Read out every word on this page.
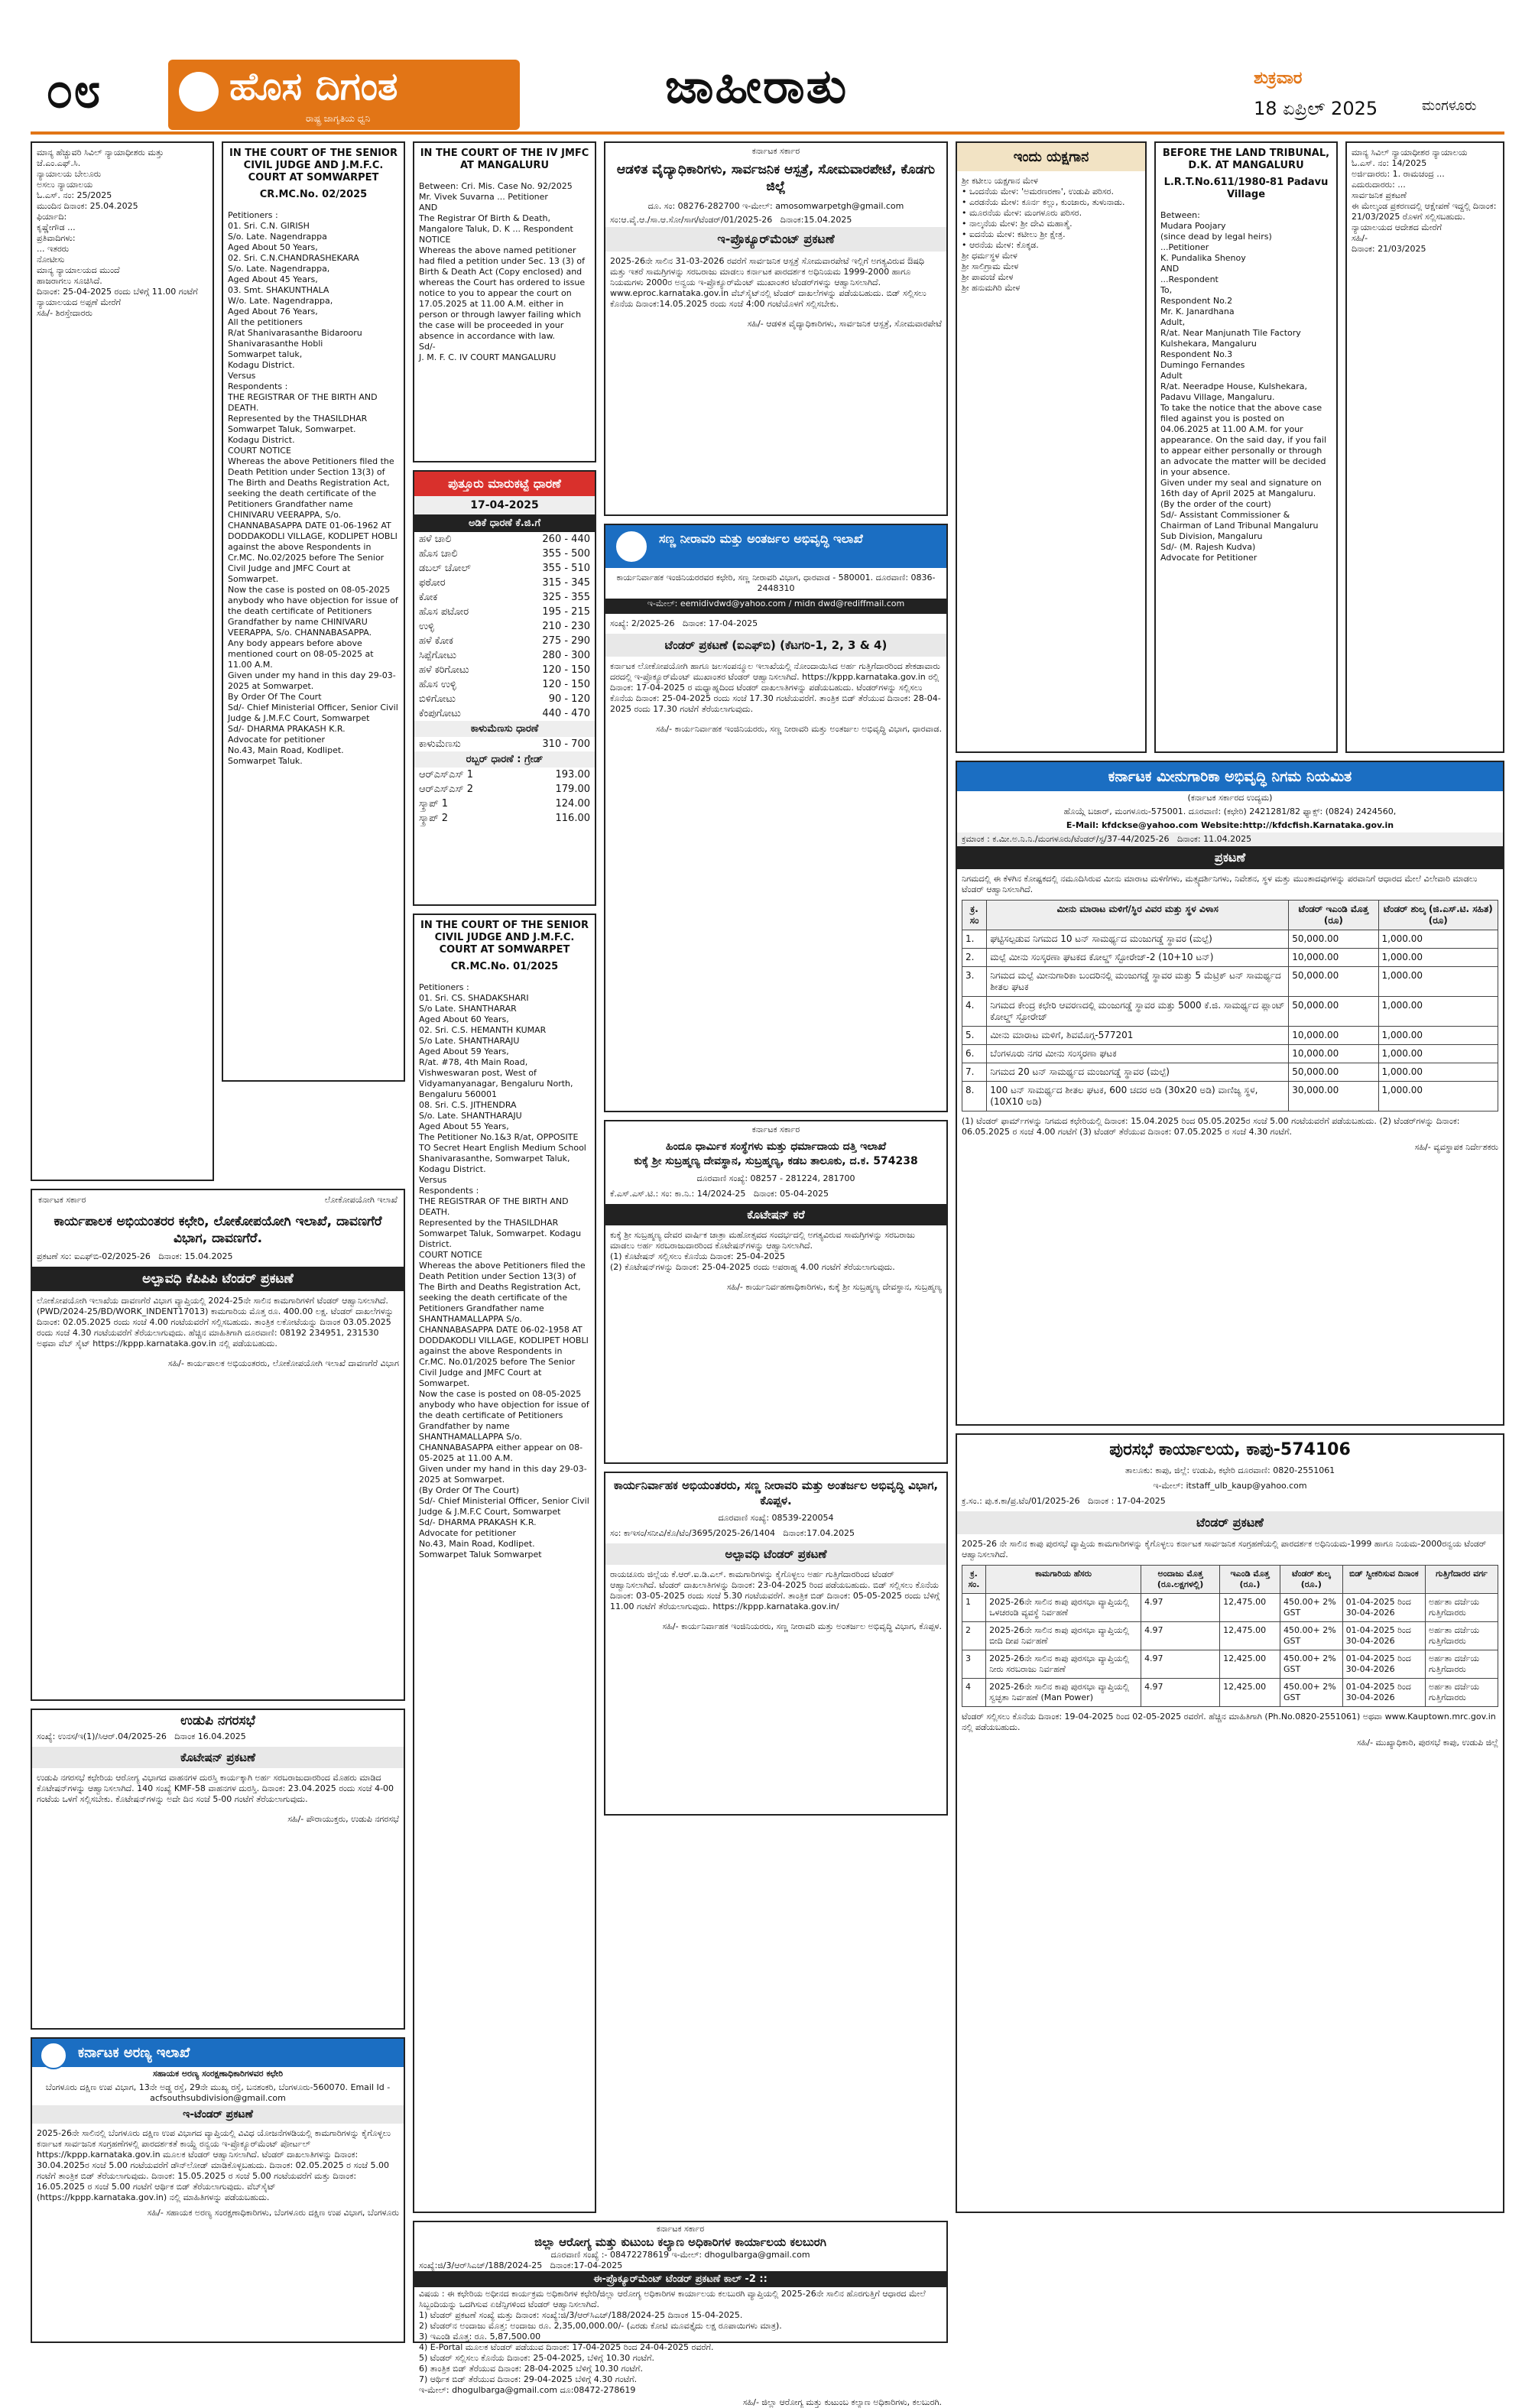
೦೮	ಹೊಸ ದಿಗಂತ
ರಾಷ್ಟ್ರ ಜಾಗೃತಿಯ ಧ್ವನಿ
ಜಾಹೀರಾತು	ಶುಕ್ರವಾರ
18 ಏಪ್ರಿಲ್ 2025	ಮಂಗಳೂರು
ಮಾನ್ಯ ಹೆಚ್ಚುವರಿ ಸಿವಿಲ್ ನ್ಯಾಯಾಧೀಶರು ಮತ್ತು ಜೆ.ಎಂ.ಎಫ್.ಸಿ.
ನ್ಯಾಯಾಲಯ ಬೇಲೂರು
ಅಸಲು ನ್ಯಾಯಾಲಯ
ಓ.ಎಸ್. ನಂ: 25/2025
ಮುಂದಿನ ದಿನಾಂಕ: 25.04.2025
ಫಿರ್ಯಾದಿ:
ಕೃಷ್ಣೇಗೌಡ ...
ಪ್ರತಿವಾದಿಗಳು:
... ಇತರರು
ನೋಟೀಸು
ಮಾನ್ಯ ನ್ಯಾಯಾಲಯದ ಮುಂದೆ
ಹಾಜರಾಗಲು ಸೂಚಿಸಿದೆ.
ದಿನಾಂಕ: 25-04-2025 ರಂದು ಬೆಳಿಗ್ಗೆ 11.00 ಗಂಟೆಗೆ
ನ್ಯಾಯಾಲಯದ ಅಪ್ಪಣೆ ಮೇರೆಗೆ
ಸಹಿ/- ಶಿರಸ್ತೇದಾರರು
IN THE COURT OF THE SENIOR CIVIL JUDGE AND J.M.F.C. COURT AT SOMWARPET
CR.MC.No. 02/2025
Petitioners :
01. Sri. C.N. GIRISH
S/o. Late. Nagendrappa
Aged About 50 Years,
02. Sri. C.N.CHANDRASHEKARA
S/o. Late. Nagendrappa,
Aged About 45 Years,
03. Smt. SHAKUNTHALA
W/o. Late. Nagendrappa,
Aged About 76 Years,
All the petitioners
R/at Shanivarasanthe Bidarooru
Shanivarasanthe Hobli
Somwarpet taluk,
Kodagu District.
Versus
Respondents :
THE REGISTRAR OF THE BIRTH AND DEATH.
Represented by the THASILDHAR
Somwarpet Taluk, Somwarpet.
Kodagu District.
COURT NOTICE
Whereas the above Petitioners filed the Death Petition under Section 13(3) of The Birth and Deaths Registration Act, seeking the death certificate of the Petitioners Grandfather name CHINIVARU VEERAPPA, S/o. CHANNABASAPPA DATE 01-06-1962 AT DODDAKODLI VILLAGE, KODLIPET HOBLI against the above Respondents in Cr.MC. No.02/2025 before The Senior Civil Judge and JMFC Court at Somwarpet.
Now the case is posted on 08-05-2025 anybody who have objection for issue of the death certificate of Petitioners Grandfather by name CHINIVARU VEERAPPA, S/o. CHANNABASAPPA.
Any body appears before above mentioned court on 08-05-2025 at 11.00 A.M.
Given under my hand in this day 29-03-2025 at Somwarpet.
By Order Of The Court
Sd/- Chief Ministerial Officer, Senior Civil Judge & J.M.F.C Court, Somwarpet
Sd/- DHARMA PRAKASH K.R.
Advocate for petitioner
No.43, Main Road, Kodlipet.
Somwarpet Taluk.
IN THE COURT OF THE IV JMFC AT MANGALURU
Between: Cri. Mis. Case No. 92/2025
Mr. Vivek Suvarna ... Petitioner
AND
The Registrar Of Birth & Death, Mangalore Taluk, D. K ... Respondent
NOTICE
Whereas the above named petitioner had filed a petition under Sec. 13 (3) of Birth & Death Act (Copy enclosed) and whereas the Court has ordered to issue notice to you to appear the court on 17.05.2025 at 11.00 A.M. either in person or through lawyer failing which the case will be proceeded in your absence in accordance with law.
Sd/-
J. M. F. C. IV COURT MANGALURU
ಪುತ್ತೂರು ಮಾರುಕಟ್ಟೆ ಧಾರಣೆ
17-04-2025
ಅಡಿಕೆ ಧಾರಣೆ ಕೆ.ಜಿ.ಗೆ
ಹಳೆ ಚಾಲಿ	260 - 440
ಹೊಸ ಚಾಲಿ	355 - 500
ಡಬಲ್ ಚೋಲ್	355 - 510
ಫಠೋರ	315 - 345
ಕೋಕ	325 - 355
ಹೊಸ ಪಟೋರ	195 - 215
ಉಳ್ಳಿ	210 - 230
ಹಳೆ ಕೋಕ	275 - 290
ಸಿಪ್ಪೆಗೋಟು	280 - 300
ಹಳೆ ಕರಿಗೋಟು	120 - 150
ಹೊಸ ಉಳ್ಳಿ	120 - 150
ಬಿಳಿಗೋಟು	90 - 120
ಕೆಂಪುಗೋಟು	440 - 470
ಕಾಳುಮೆಣಸು ಧಾರಣೆ
ಕಾಳುಮೆಣಸು	310 - 700
ರಬ್ಬರ್ ಧಾರಣೆ : ಗ್ರೇಡ್
ಆರ್‌ಎಸ್‌ಎಸ್ 1	193.00
ಆರ್‌ಎಸ್‌ಎಸ್ 2	179.00
ಸ್ಕ್ರಾಪ್ 1	124.00
ಸ್ಕ್ರಾಪ್ 2	116.00
IN THE COURT OF THE SENIOR CIVIL JUDGE AND J.M.F.C. COURT AT SOMWARPET
CR.MC.No. 01/2025
Petitioners :
01. Sri. CS. SHADAKSHARI
S/o Late. SHANTHARAR
Aged About 60 Years,
02. Sri. C.S. HEMANTH KUMAR
S/o Late. SHANTHARAJU
Aged About 59 Years,
R/at. #78, 4th Main Road, Vishweswaran post, West of Vidyamanyanagar, Bengaluru North, Bengaluru 560001
08. Sri. C.S. JITHENDRA
S/o. Late. SHANTHARAJU
Aged About 55 Years,
The Petitioner No.1&3 R/at, OPPOSITE TO Secret Heart English Medium School Shanivarasanthe, Somwarpet Taluk, Kodagu District.
Versus
Respondents :
THE REGISTRAR OF THE BIRTH AND DEATH.
Represented by the THASILDHAR
Somwarpet Taluk, Somwarpet. Kodagu District.
COURT NOTICE
Whereas the above Petitioners filed the Death Petition under Section 13(3) of The Birth and Deaths Registration Act, seeking the death certificate of the Petitioners Grandfather name SHANTHAMALLAPPA S/o. CHANNABASAPPA DATE 06-02-1958 AT DODDAKODLI VILLAGE, KODLIPET HOBLI against the above Respondents in Cr.MC. No.01/2025 before The Senior Civil Judge and JMFC Court at Somwarpet.
Now the case is posted on 08-05-2025 anybody who have objection for issue of the death certificate of Petitioners Grandfather by name SHANTHAMALLAPPA S/o. CHANNABASAPPA either appear on 08-05-2025 at 11.00 A.M.
Given under my hand in this day 29-03-2025 at Somwarpet.
(By Order Of The Court)
Sd/- Chief Ministerial Officer, Senior Civil Judge & J.M.F.C Court, Somwarpet
Sd/- DHARMA PRAKASH K.R.
Advocate for petitioner
No.43, Main Road, Kodlipet.
Somwarpet Taluk Somwarpet
ಕರ್ನಾಟಕ ಸರ್ಕಾರ
ಆಡಳಿತ ವೈದ್ಯಾಧಿಕಾರಿಗಳು, ಸಾರ್ವಜನಿಕ ಆಸ್ಪತ್ರೆ, ಸೋಮವಾರಪೇಟೆ, ಕೊಡಗು ಜಿಲ್ಲೆ
ದೂ. ಸಂ: 08276-282700 ಇ-ಮೇಲ್: amosomwarpetgh@gmail.com
ಸಂ:ಆ.ವೈ.ಆ./ಸಾ.ಆ.ಸೋ/ಸಾಗ/ಟೆಂಡರ್/01/2025-26   ದಿನಾಂಕ:15.04.2025
ಇ-ಪ್ರೊಕ್ಯೂರ್‌ಮೆಂಟ್ ಪ್ರಕಟಣೆ
2025-26ನೇ ಸಾಲಿನ 31-03-2026 ರವರೆಗೆ ಸಾರ್ವಜನಿಕ ಆಸ್ಪತ್ರೆ ಸೋಮವಾರಪೇಟೆ ಇಲ್ಲಿಗೆ ಅಗತ್ಯವಿರುವ ಔಷಧಿ ಮತ್ತು ಇತರೆ ಸಾಮಗ್ರಿಗಳನ್ನು ಸರಬರಾಜು ಮಾಡಲು ಕರ್ನಾಟಕ ಪಾರದರ್ಶಕ ಅಧಿನಿಯಮ 1999-2000 ಹಾಗೂ ನಿಯಮಗಳು 2000ರ ಅನ್ವಯ ಇ-ಪ್ರೊಕ್ಯೂರ್‌ಮೆಂಟ್ ಮುಖಾಂತರ ಟೆಂಡರ್‌ಗಳನ್ನು ಆಹ್ವಾನಿಸಲಾಗಿದೆ. www.eproc.karnataka.gov.in ವೆಬ್‌ಸೈಟ್‌ನಲ್ಲಿ ಟೆಂಡರ್ ದಾಖಲೆಗಳನ್ನು ಪಡೆಯಬಹುದು. ಬಿಡ್ ಸಲ್ಲಿಸಲು ಕೊನೆಯ ದಿನಾಂಕ:14.05.2025 ರಂದು ಸಂಜೆ 4:00 ಗಂಟೆಯೊಳಗೆ ಸಲ್ಲಿಸಬೇಕು.
ಸಹಿ/- ಆಡಳಿತ ವೈದ್ಯಾಧಿಕಾರಿಗಳು, ಸಾರ್ವಜನಿಕ ಆಸ್ಪತ್ರೆ, ಸೋಮವಾರಪೇಟೆ
ಸಣ್ಣ ನೀರಾವರಿ ಮತ್ತು ಅಂತರ್ಜಲ ಅಭಿವೃದ್ಧಿ ಇಲಾಖೆ
ಕಾರ್ಯನಿರ್ವಾಹಕ ಇಂಜಿನಿಯರರವರ ಕಛೇರಿ, ಸಣ್ಣ ನೀರಾವರಿ ವಿಭಾಗ, ಧಾರವಾಡ - 580001. ದೂರವಾಣಿ: 0836-2448310
ಇ-ಮೇಲ್: eemidivdwd@yahoo.com / midn dwd@rediffmail.com
ಸಂಖ್ಯೆ: 2/2025-26   ದಿನಾಂಕ: 17-04-2025
ಟೆಂಡರ್ ಪ್ರಕಟಣೆ (ಐಎಫ್‌ಬಿ) (ಕೆಟಗರಿ-1, 2, 3 & 4)
ಕರ್ನಾಟಕ ಲೋಕೋಪಯೋಗಿ ಹಾಗೂ ಜಲಸಂಪನ್ಮೂಲ ಇಲಾಖೆಯಲ್ಲಿ ನೋಂದಾಯಿಸಿದ ಅರ್ಹ ಗುತ್ತಿಗೆದಾರರಿಂದ ಶೇಕಡಾವಾರು ದರದಲ್ಲಿ ಇ-ಪ್ರೊಕ್ಯೂರ್‌ಮೆಂಟ್ ಮುಖಾಂತರ ಟೆಂಡರ್ ಆಹ್ವಾನಿಸಲಾಗಿದೆ. https://kppp.karnataka.gov.in ರಲ್ಲಿ ದಿನಾಂಕ: 17-04-2025 ರ ಮಧ್ಯಾಹ್ನದಿಂದ ಟೆಂಡರ್ ದಾಖಲಾತಿಗಳನ್ನು ಪಡೆಯಬಹುದು. ಟೆಂಡರ್‌ಗಳನ್ನು ಸಲ್ಲಿಸಲು ಕೊನೆಯ ದಿನಾಂಕ: 25-04-2025 ರಂದು ಸಂಜೆ 17.30 ಗಂಟೆಯವರೆಗೆ. ತಾಂತ್ರಿಕ ಬಿಡ್ ತೆರೆಯುವ ದಿನಾಂಕ: 28-04-2025 ರಂದು 17.30 ಗಂಟೆಗೆ ತೆರೆಯಲಾಗುವುದು.
ಸಹಿ/- ಕಾರ್ಯನಿರ್ವಾಹಕ ಇಂಜಿನಿಯರರು, ಸಣ್ಣ ನೀರಾವರಿ ಮತ್ತು ಅಂತರ್ಜಲ ಅಭಿವೃದ್ಧಿ ವಿಭಾಗ, ಧಾರವಾಡ.
ಕರ್ನಾಟಕ ಸರ್ಕಾರ
ಹಿಂದೂ ಧಾರ್ಮಿಕ ಸಂಸ್ಥೆಗಳು ಮತ್ತು ಧರ್ಮಾದಾಯ ದತ್ತಿ ಇಲಾಖೆ
ಕುಕ್ಕೆ ಶ್ರೀ ಸುಬ್ರಹ್ಮಣ್ಯ ದೇವಸ್ಥಾನ, ಸುಬ್ರಹ್ಮಣ್ಯ, ಕಡಬ ತಾಲೂಕು, ದ.ಕ. 574238
ದೂರವಾಣಿ ಸಂಖ್ಯೆ: 08257 - 281224, 281700
ಕೆ.ಎಸ್.ಎಸ್.ಟಿ.: ಸಂ: ಕಾ.ನಿ.: 14/2024-25   ದಿನಾಂಕ: 05-04-2025
ಕೊಟೇಷನ್ ಕರೆ
ಕುಕ್ಕೆ ಶ್ರೀ ಸುಬ್ರಹ್ಮಣ್ಯ ದೇವರ ವಾರ್ಷಿಕ ಜಾತ್ರಾ ಮಹೋತ್ಸವದ ಸಂದರ್ಭದಲ್ಲಿ ಅಗತ್ಯವಿರುವ ಸಾಮಗ್ರಿಗಳನ್ನು ಸರಬರಾಜು ಮಾಡಲು ಅರ್ಹ ಸರಬರಾಜುದಾರರಿಂದ ಕೊಟೇಷನ್‌ಗಳನ್ನು ಆಹ್ವಾನಿಸಲಾಗಿದೆ.
(1) ಕೊಟೇಷನ್‌ ಸಲ್ಲಿಸಲು ಕೊನೆಯ ದಿನಾಂಕ: 25-04-2025
(2) ಕೊಟೇಷನ್‌ಗಳನ್ನು ದಿನಾಂಕ: 25-04-2025 ರಂದು ಅಪರಾಹ್ನ 4.00 ಗಂಟೆಗೆ ತೆರೆಯಲಾಗುವುದು.
ಸಹಿ/- ಕಾರ್ಯನಿರ್ವಹಣಾಧಿಕಾರಿಗಳು, ಕುಕ್ಕೆ ಶ್ರೀ ಸುಬ್ರಹ್ಮಣ್ಯ ದೇವಸ್ಥಾನ, ಸುಬ್ರಹ್ಮಣ್ಯ
ಕಾರ್ಯನಿರ್ವಾಹಕ ಅಭಿಯಂತರರು, ಸಣ್ಣ ನೀರಾವರಿ ಮತ್ತು ಅಂತರ್ಜಲ ಅಭಿವೃದ್ಧಿ ವಿಭಾಗ, ಕೊಪ್ಪಳ.
ದೂರವಾಣಿ ಸಂಖ್ಯೆ: 08539-220054
ಸಂ: ಕಾಇಸಂ/ಸನೀವಿ/ಕೊ/ಟೆಂ/3695/2025-26/1404   ದಿನಾಂಕ:17.04.2025
ಅಲ್ಪಾವಧಿ ಟೆಂಡರ್ ಪ್ರಕಟಣೆ
ರಾಯಚೂರು ಜಿಲ್ಲೆಯ ಕೆ.ಆರ್.ಐ.ಡಿ.ಎಲ್. ಕಾಮಗಾರಿಗಳನ್ನು ಕೈಗೊಳ್ಳಲು ಅರ್ಹ ಗುತ್ತಿಗೆದಾರರಿಂದ ಟೆಂಡರ್ ಆಹ್ವಾನಿಸಲಾಗಿದೆ. ಟೆಂಡರ್ ದಾಖಲಾತಿಗಳನ್ನು ದಿನಾಂಕ: 23-04-2025 ರಿಂದ ಪಡೆಯಬಹುದು. ಬಿಡ್ ಸಲ್ಲಿಸಲು ಕೊನೆಯ ದಿನಾಂಕ: 03-05-2025 ರಂದು ಸಂಜೆ 5.30 ಗಂಟೆಯವರೆಗೆ. ತಾಂತ್ರಿಕ ಬಿಡ್ ದಿನಾಂಕ: 05-05-2025 ರಂದು ಬೆಳಿಗ್ಗೆ 11.00 ಗಂಟೆಗೆ ತೆರೆಯಲಾಗುವುದು. https://kppp.karnataka.gov.in/
ಸಹಿ/- ಕಾರ್ಯನಿರ್ವಾಹಕ ಇಂಜಿನಿಯರರು, ಸಣ್ಣ ನೀರಾವರಿ ಮತ್ತು ಅಂತರ್ಜಲ ಅಭಿವೃದ್ಧಿ ವಿಭಾಗ, ಕೊಪ್ಪಳ.
ಇಂದು ಯಕ್ಷಗಾನ
ಶ್ರೀ ಕಟೀಲು ಯಕ್ಷಗಾನ ಮೇಳ
• ಒಂದನೆಯ ಮೇಳ: 'ಅಮರಣರಣಾ', ಉಡುಪಿ ಪರಿಸರ.
• ಎರಡನೆಯ ಮೇಳ: ಕೂರ್ನ ಕಲ್ಲು, ಕುಂಜಾರು, ತುಳುನಾಡು.
• ಮೂರನೆಯ ಮೇಳ: ಮಂಗಳೂರು ಪರಿಸರ.
• ನಾಲ್ಕನೆಯ ಮೇಳ: ಶ್ರೀ ದೇವಿ ಮಹಾತ್ಮೆ.
• ಐದನೆಯ ಮೇಳ: ಕಟೀಲು ಶ್ರೀ ಕ್ಷೇತ್ರ.
• ಆರನೆಯ ಮೇಳ: ಕೊಕ್ಕಡ.
ಶ್ರೀ ಧರ್ಮಸ್ಥಳ ಮೇಳ
ಶ್ರೀ ಸಾಲಿಗ್ರಾಮ ಮೇಳ
ಶ್ರೀ ಪಾವಂಜೆ ಮೇಳ
ಶ್ರೀ ಹನುಮಗಿರಿ ಮೇಳ
BEFORE THE LAND TRIBUNAL, D.K. AT MANGALURU
L.R.T.No.611/1980-81 Padavu Village
Between:
Mudara Poojary
(since dead by legal heirs)
...Petitioner
K. Pundalika Shenoy
AND
...Respondent
To,
Respondent No.2
Mr. K. Janardhana
Adult,
R/at. Near Manjunath Tile Factory Kulshekara, Mangaluru
Respondent No.3
Dumingo Fernandes
Adult
R/at. Neeradpe House, Kulshekara, Padavu Village, Mangaluru.
To take the notice that the above case filed against you is posted on 04.06.2025 at 11.00 A.M. for your appearance. On the said day, if you fail to appear either personally or through an advocate the matter will be decided in your absence.
Given under my seal and signature on 16th day of April 2025 at Mangaluru.
(By the order of the court)
Sd/- Assistant Commissioner & Chairman of Land Tribunal Mangaluru Sub Division, Mangaluru
Sd/- (M. Rajesh Kudva)
Advocate for Petitioner
ಮಾನ್ಯ ಸಿವಿಲ್ ನ್ಯಾಯಾಧೀಶರ ನ್ಯಾಯಾಲಯ
ಓ.ಎಸ್. ನಂ: 14/2025
ಅರ್ಜಿದಾರರು: 1. ರಾಮಚಂದ್ರ ...
ಎದುರುದಾರರು: ...
ಸಾರ್ವಜನಿಕ ಪ್ರಕಟಣೆ
ಈ ಮೇಲ್ಕಂಡ ಪ್ರಕರಣದಲ್ಲಿ ಆಕ್ಷೇಪಣೆ ಇದ್ದಲ್ಲಿ ದಿನಾಂಕ: 21/03/2025 ರೊಳಗೆ ಸಲ್ಲಿಸಬಹುದು.
ನ್ಯಾಯಾಲಯದ ಆದೇಶದ ಮೇರೆಗೆ
ಸಹಿ/-
ದಿನಾಂಕ: 21/03/2025
ಕರ್ನಾಟಕ ಸರ್ಕಾರ	ಲೋಕೋಪಯೋಗಿ ಇಲಾಖೆ
ಕಾರ್ಯಪಾಲಕ ಅಭಿಯಂತರರ ಕಛೇರಿ, ಲೋಕೋಪಯೋಗಿ ಇಲಾಖೆ, ದಾವಣಗೆರೆ ವಿಭಾಗ, ದಾವಣಗೆರೆ.
ಪ್ರಕಟಣೆ ಸಂ: ಐಎಫ್‌ಬಿ-02/2025-26   ದಿನಾಂಕ: 15.04.2025
ಅಲ್ಪಾವಧಿ ಕೆಪಿಪಿಪಿ ಟೆಂಡರ್ ಪ್ರಕಟಣೆ
ಲೋಕೋಪಯೋಗಿ ಇಲಾಖೆಯ ದಾವಣಗೆರೆ ವಿಭಾಗ ವ್ಯಾಪ್ತಿಯಲ್ಲಿ 2024-25ನೇ ಸಾಲಿನ ಕಾಮಗಾರಿಗಳಿಗೆ ಟೆಂಡರ್ ಆಹ್ವಾನಿಸಲಾಗಿದೆ. (PWD/2024-25/BD/WORK_INDENT17013) ಕಾಮಗಾರಿಯ ಮೊತ್ತ ರೂ. 400.00 ಲಕ್ಷ. ಟೆಂಡರ್ ದಾಖಲೆಗಳನ್ನು ದಿನಾಂಕ: 02.05.2025 ರಂದು ಸಂಜೆ 4.00 ಗಂಟೆಯವರೆಗೆ ಸಲ್ಲಿಸಬಹುದು. ತಾಂತ್ರಿಕ ಲಕೋಟೆಯನ್ನು ದಿನಾಂಕ 03.05.2025 ರಂದು ಸಂಜೆ 4.30 ಗಂಟೆಯವರೆಗೆ ತೆರೆಯಲಾಗುವುದು. ಹೆಚ್ಚಿನ ಮಾಹಿತಿಗಾಗಿ ದೂರವಾಣಿ: 08192 234951, 231530 ಅಥವಾ ವೆಬ್ ಸೈಟ್ https://kppp.karnataka.gov.in ನಲ್ಲಿ ಪಡೆಯಬಹುದು.
ಸಹಿ/- ಕಾರ್ಯಪಾಲಕ ಅಭಿಯಂತರರು, ಲೋಕೋಪಯೋಗಿ ಇಲಾಖೆ ದಾವಣಗೆರೆ ವಿಭಾಗ
ಉಡುಪಿ ನಗರಸಭೆ
ಸಂಖ್ಯೆ: ಉನಸ/ಇ(1)/ಸಿಆರ್.04/2025-26   ದಿನಾಂಕ 16.04.2025
ಕೊಟೇಷನ್ ಪ್ರಕಟಣೆ
ಉಡುಪಿ ನಗರಸಭೆ ಕಛೇರಿಯ ಆರೋಗ್ಯ ವಿಭಾಗದ ವಾಹನಗಳ ದುರಸ್ತಿ ಕಾರ್ಯಕ್ಕಾಗಿ ಅರ್ಹ ಸರಬರಾಜುದಾರರಿಂದ ಮೊಹರು ಮಾಡಿದ ಕೊಟೇಷನ್‌ಗಳನ್ನು ಆಹ್ವಾನಿಸಲಾಗಿದೆ. 140 ಸಂಖ್ಯೆ KMF-58 ವಾಹನಗಳ ದುರಸ್ತಿ. ದಿನಾಂಕ: 23.04.2025 ರಂದು ಸಂಜೆ 4-00 ಗಂಟೆಯ ಒಳಗೆ ಸಲ್ಲಿಸಬೇಕು. ಕೊಟೇಷನ್‌ಗಳನ್ನು ಅದೇ ದಿನ ಸಂಜೆ 5-00 ಗಂಟೆಗೆ ತೆರೆಯಲಾಗುವುದು.
ಸಹಿ/- ಪೌರಾಯುಕ್ತರು, ಉಡುಪಿ ನಗರಸಭೆ
ಕರ್ನಾಟಕ ಮೀನುಗಾರಿಕಾ ಅಭಿವೃದ್ಧಿ ನಿಗಮ ನಿಯಮಿತ
(ಕರ್ನಾಟಕ ಸರ್ಕಾರದ ಉದ್ಯಮ)
ಹೊಯ್ಗೆ ಬಜಾರ್, ಮಂಗಳೂರು-575001. ದೂರವಾಣಿ: (ಕಛೇರಿ) 2421281/82 ಫ್ಯಾಕ್ಸ್: (0824) 2424560,
E-Mail: kfdckse@yahoo.com Website:http://kfdcfish.Karnataka.gov.in
ಕ್ರಮಾಂಕ : ಕ.ಮೀ.ಅ.ನಿ.ನಿ./ಮಂಗಳೂರು/ಟೆಂಡರ್/ಸ್ಟ/37-44/2025-26   ದಿನಾಂಕ: 11.04.2025
ಪ್ರಕಟಣೆ
ನಿಗಮದಲ್ಲಿ ಈ ಕೆಳಗಿನ ಕೋಷ್ಟಕದಲ್ಲಿ ನಮೂದಿಸಿರುವ ಮೀನು ಮಾರಾಟ ಮಳಿಗೆಗಳು, ಮತ್ಸ್ಯದರ್ಶಿನಿಗಳು, ನಿವೇಶನ, ಸ್ಥಳ ಮತ್ತು ಮುಂತಾದವುಗಳನ್ನು ಪರವಾನಿಗೆ ಆಧಾರದ ಮೇಲೆ ವಿಲೇವಾರಿ ಮಾಡಲು ಟೆಂಡರ್ ಆಹ್ವಾನಿಸಲಾಗಿದೆ.
ಕ್ರ. ಸಂ	ಮೀನು ಮಾರಾಟ ಮಳಿಗೆ/ಸ್ಥಿರ ವಿವರ ಮತ್ತು ಸ್ಥಳ ವಿಳಾಸ	ಟೆಂಡರ್ ಇಎಂಡಿ ಮೊತ್ತ (ರೂ)	ಟೆಂಡರ್ ಶುಲ್ಕ (ಜಿ.ಎಸ್.ಟಿ. ಸಹಿತ) (ರೂ)
1.	ಘಟ್ಟಿಸಲ್ಪಡುವ ನಿಗಮದ 10 ಟನ್ ಸಾಮರ್ಥ್ಯದ ಮಂಜುಗಡ್ಡೆ ಸ್ಥಾವರ (ಮಲ್ಪೆ)	50,000.00	1,000.00
2.	ಮಲ್ಪೆ ಮೀನು ಸಂಸ್ಕರಣಾ ಘಟಕದ ಕೋಲ್ಡ್ ಸ್ಟೋರೇಜ್-2 (10+10 ಟನ್)	10,000.00	1,000.00
3.	ನಿಗಮದ ಮಲ್ಪೆ ಮೀನುಗಾರಿಕಾ ಬಂದರಿನಲ್ಲಿ ಮಂಜುಗಡ್ಡೆ ಸ್ಥಾವರ ಮತ್ತು 5 ಮೆಟ್ರಿಕ್ ಟನ್ ಸಾಮರ್ಥ್ಯದ ಶೀತಲ ಘಟಕ	50,000.00	1,000.00
4.	ನಿಗಮದ ಕೇಂದ್ರ ಕಛೇರಿ ಆವರಣದಲ್ಲಿ ಮಂಜುಗಡ್ಡೆ ಸ್ಥಾವರ ಮತ್ತು 5000 ಕೆ.ಜಿ. ಸಾಮರ್ಥ್ಯದ ಪ್ಲಾಂಟ್ ಕೋಲ್ಡ್ ಸ್ಟೋರೇಜ್	50,000.00	1,000.00
5.	ಮೀನು ಮಾರಾಟ ಮಳಿಗೆ, ಶಿವಮೊಗ್ಗ-577201	10,000.00	1,000.00
6.	ಬೆಂಗಳೂರು ನಗರ ಮೀನು ಸಂಸ್ಕರಣಾ ಘಟಕ	10,000.00	1,000.00
7.	ನಿಗಮದ 20 ಟನ್ ಸಾಮರ್ಥ್ಯದ ಮಂಜುಗಡ್ಡೆ ಸ್ಥಾವರ (ಮಲ್ಪೆ)	50,000.00	1,000.00
8.	100 ಟನ್ ಸಾಮರ್ಥ್ಯದ ಶೀತಲ ಘಟಕ, 600 ಚದರ ಅಡಿ (30x20 ಅಡಿ) ವಾಣಿಜ್ಯ ಸ್ಥಳ, (10X10 ಅಡಿ)	30,000.00	1,000.00
(1) ಟೆಂಡರ್ ಫಾರ್ಮ್‌ಗಳನ್ನು ನಿಗಮದ ಕಛೇರಿಯಲ್ಲಿ ದಿನಾಂಕ: 15.04.2025 ರಿಂದ 05.05.2025ರ ಸಂಜೆ 5.00 ಗಂಟೆಯವರೆಗೆ ಪಡೆಯಬಹುದು. (2) ಟೆಂಡರ್‌ಗಳನ್ನು ದಿನಾಂಕ: 06.05.2025 ರ ಸಂಜೆ 4.00 ಗಂಟೆಗೆ (3) ಟೆಂಡರ್ ತೆರೆಯುವ ದಿನಾಂಕ: 07.05.2025 ರ ಸಂಜೆ 4.30 ಗಂಟೆಗೆ.
ಸಹಿ/- ವ್ಯವಸ್ಥಾಪಕ ನಿರ್ದೇಶಕರು
ಪುರಸಭೆ ಕಾರ್ಯಾಲಯ, ಕಾಪು-574106
ತಾಲೂಕು: ಕಾಪು, ಜಿಲ್ಲೆ: ಉಡುಪಿ, ಕಛೇರಿ ದೂರವಾಣಿ: 0820-2551061
ಇ-ಮೇಲ್: itstaff_ulb_kaup@yahoo.com
ಕ್ರ.ಸಂ.: ಪು.ಕ.ಕಾ/ಪ್ರ.ಟೆಂ/01/2025-26   ದಿನಾಂಕ : 17-04-2025
ಟೆಂಡರ್ ಪ್ರಕಟಣೆ
2025-26 ನೇ ಸಾಲಿನ ಕಾಪು ಪುರಸಭೆ ವ್ಯಾಪ್ತಿಯ ಕಾಮಗಾರಿಗಳನ್ನು ಕೈಗೊಳ್ಳಲು ಕರ್ನಾಟಕ ಸಾರ್ವಜನಿಕ ಸಂಗ್ರಹಣೆಯಲ್ಲಿ ಪಾರದರ್ಶಕ ಅಧಿನಿಯಮ-1999 ಹಾಗೂ ನಿಯಮ-2000ರನ್ವಯ ಟೆಂಡರ್ ಆಹ್ವಾನಿಸಲಾಗಿದೆ.
ಕ್ರ. ಸಂ.	ಕಾಮಗಾರಿಯ ಹೆಸರು	ಅಂದಾಜು ಮೊತ್ತ (ರೂ.ಲಕ್ಷಗಳಲ್ಲಿ)	ಇಎಂಡಿ ಮೊತ್ತ (ರೂ.)	ಟೆಂಡರ್ ಶುಲ್ಕ (ರೂ.)	ಬಿಡ್ ಸ್ವೀಕರಿಸುವ ದಿನಾಂಕ	ಗುತ್ತಿಗೆದಾರರ ವರ್ಗ
1	2025-26ನೇ ಸಾಲಿನ ಕಾಪು ಪುರಸಭಾ ವ್ಯಾಪ್ತಿಯಲ್ಲಿ ಒಳಚರಂಡಿ ವ್ಯವಸ್ಥೆ ನಿರ್ವಹಣೆ	4.97	12,475.00	450.00+ 2% GST	01-04-2025 ರಿಂದ 30-04-2026	ಅರ್ಹತಾ ದರ್ಜೆಯ ಗುತ್ತಿಗೆದಾರರು
2	2025-26ನೇ ಸಾಲಿನ ಕಾಪು ಪುರಸಭಾ ವ್ಯಾಪ್ತಿಯಲ್ಲಿ ಬೀದಿ ದೀಪ ನಿರ್ವಹಣೆ	4.97	12,475.00	450.00+ 2% GST	01-04-2025 ರಿಂದ 30-04-2026	ಅರ್ಹತಾ ದರ್ಜೆಯ ಗುತ್ತಿಗೆದಾರರು
3	2025-26ನೇ ಸಾಲಿನ ಕಾಪು ಪುರಸಭಾ ವ್ಯಾಪ್ತಿಯಲ್ಲಿ ನೀರು ಸರಬರಾಜು ನಿರ್ವಹಣೆ	4.97	12,425.00	450.00+ 2% GST	01-04-2025 ರಿಂದ 30-04-2026	ಅರ್ಹತಾ ದರ್ಜೆಯ ಗುತ್ತಿಗೆದಾರರು
4	2025-26ನೇ ಸಾಲಿನ ಕಾಪು ಪುರಸಭಾ ವ್ಯಾಪ್ತಿಯಲ್ಲಿ ಸ್ವಚ್ಛತಾ ನಿರ್ವಹಣೆ (Man Power)	4.97	12,425.00	450.00+ 2% GST	01-04-2025 ರಿಂದ 30-04-2026	ಅರ್ಹತಾ ದರ್ಜೆಯ ಗುತ್ತಿಗೆದಾರರು
ಟೆಂಡರ್ ಸಲ್ಲಿಸಲು ಕೊನೆಯ ದಿನಾಂಕ: 19-04-2025 ರಿಂದ 02-05-2025 ರವರೆಗೆ. ಹೆಚ್ಚಿನ ಮಾಹಿತಿಗಾಗಿ (Ph.No.0820-2551061) ಅಥವಾ www.Kauptown.mrc.gov.in ನಲ್ಲಿ ಪಡೆಯಬಹುದು.
ಸಹಿ/- ಮುಖ್ಯಾಧಿಕಾರಿ, ಪುರಸಭೆ ಕಾಪು, ಉಡುಪಿ ಜಿಲ್ಲೆ
ಕರ್ನಾಟಕ ಅರಣ್ಯ ಇಲಾಖೆ
ಸಹಾಯಕ ಅರಣ್ಯ ಸಂರಕ್ಷಣಾಧಿಕಾರಿಗಳವರ ಕಛೇರಿ
ಬೆಂಗಳೂರು ದಕ್ಷಿಣ ಉಪ ವಿಭಾಗ, 13ನೇ ಅಡ್ಡ ರಸ್ತೆ, 29ನೇ ಮುಖ್ಯ ರಸ್ತೆ, ಬನಶಂಕರಿ, ಬೆಂಗಳೂರು-560070. Email Id - acfsouthsubdivision@gmail.com
ಇ-ಟೆಂಡರ್ ಪ್ರಕಟಣೆ
2025-26ನೇ ಸಾಲಿನಲ್ಲಿ ಬೆಂಗಳೂರು ದಕ್ಷಿಣ ಉಪ ವಿಭಾಗದ ವ್ಯಾಪ್ತಿಯಲ್ಲಿ ವಿವಿಧ ಯೋಜನೆಗಳಡಿಯಲ್ಲಿ ಕಾಮಗಾರಿಗಳನ್ನು ಕೈಗೊಳ್ಳಲು ಕರ್ನಾಟಕ ಸಾರ್ವಜನಿಕ ಸಂಗ್ರಹಣೆಗಳಲ್ಲಿ ಪಾರದರ್ಶಕತೆ ಕಾಯ್ದೆ ರನ್ವಯ ಇ-ಪ್ರೊಕ್ಯೂರ್‌ಮೆಂಟ್ ಪೋರ್ಟಲ್ https://kppp.karnataka.gov.in ಮೂಲಕ ಟೆಂಡರ್ ಆಹ್ವಾನಿಸಲಾಗಿದೆ. ಟೆಂಡರ್ ದಾಖಲಾತಿಗಳನ್ನು ದಿನಾಂಕ: 30.04.2025ರ ಸಂಜೆ 5.00 ಗಂಟೆಯವರೆಗೆ ಡೌನ್‌ಲೋಡ್ ಮಾಡಿಕೊಳ್ಳಬಹುದು. ದಿನಾಂಕ: 02.05.2025 ರ ಸಂಜೆ 5.00 ಗಂಟೆಗೆ ತಾಂತ್ರಿಕ ಬಿಡ್ ತೆರೆಯಲಾಗುವುದು. ದಿನಾಂಕ: 15.05.2025 ರ ಸಂಜೆ 5.00 ಗಂಟೆಯವರೆಗೆ ಮತ್ತು ದಿನಾಂಕ: 16.05.2025 ರ ಸಂಜೆ 5.00 ಗಂಟೆಗೆ ಆರ್ಥಿಕ ಬಿಡ್ ತೆರೆಯಲಾಗುವುದು. ವೆಬ್‌ಸೈಟ್ (https://kppp.karnataka.gov.in) ನಲ್ಲಿ ಮಾಹಿತಿಗಳನ್ನು ಪಡೆಯಬಹುದು.
ಸಹಿ/- ಸಹಾಯಕ ಅರಣ್ಯ ಸಂರಕ್ಷಣಾಧಿಕಾರಿಗಳು, ಬೆಂಗಳೂರು ದಕ್ಷಿಣ ಉಪ ವಿಭಾಗ, ಬೆಂಗಳೂರು
ಕರ್ನಾಟಕ ಸರ್ಕಾರ
ಜಿಲ್ಲಾ ಆರೋಗ್ಯ ಮತ್ತು ಕುಟುಂಬ ಕಲ್ಯಾಣ ಅಧಿಕಾರಿಗಳ ಕಾರ್ಯಾಲಯ ಕಲಬುರಗಿ
ದೂರವಾಣಿ ಸಂಖ್ಯೆ :- 08472278619 ಇ-ಮೇಲ್: dhogulbarga@gmail.com
ಸಂಖ್ಯೆ:ಜಿ/3/ಆರ್‌ಸಿಎಚ್/188/2024-25   ದಿನಾಂಕ:17-04-2025
ಈ-ಪ್ರೊಕ್ಯೂರ್‌ಮೆಂಟ್ ಟೆಂಡರ್ ಪ್ರಕಟಣೆ ಕಾಲ್ -2 ::
ವಿಷಯ : ಈ ಕಛೇರಿಯ ಅಧೀನದ ಕಾರ್ಯಕ್ರಮ ಅಧಿಕಾರಿಗಳ ಕಛೇರಿ/ಜಿಲ್ಲಾ ಆರೋಗ್ಯ ಅಧಿಕಾರಿಗಳ ಕಾರ್ಯಾಲಯ ಕಲಬುರಗಿ ವ್ಯಾಪ್ತಿಯಲ್ಲಿ 2025-26ನೇ ಸಾಲಿನ ಹೊರಗುತ್ತಿಗೆ ಆಧಾರದ ಮೇಲೆ ಸಿಬ್ಬಂದಿಯನ್ನು ಒದಗಿಸುವ ಏಜೆನ್ಸಿಗಳಿಂದ ಟೆಂಡರ್ ಆಹ್ವಾನಿಸಲಾಗಿದೆ.
1) ಟೆಂಡರ್ ಪ್ರಕಟಣೆ ಸಂಖ್ಯೆ ಮತ್ತು ದಿನಾಂಕ: ಸಂಖ್ಯೆ:ಜಿ/3/ಆರ್‌ಸಿಎಚ್/188/2024-25 ದಿನಾಂಕ 15-04-2025.
2) ಟೆಂಡರ್‌ನ ಅಂದಾಜು ಮೊತ್ತ: ಅಂದಾಜು ರೂ. 2,35,00,000.00/- (ಎರಡು ಕೋಟಿ ಮೂವತ್ತೈದು ಲಕ್ಷ ರೂಪಾಯಿಗಳು ಮಾತ್ರ).
3) ಇಎಂಡಿ ಮೊತ್ತ: ರೂ. 5,87,500.00
4) E-Portal ಮೂಲಕ ಟೆಂಡರ್ ಪಡೆಯುವ ದಿನಾಂಕ: 17-04-2025 ರಿಂದ 24-04-2025 ರವರೆಗೆ.
5) ಟೆಂಡರ್ ಸಲ್ಲಿಸಲು ಕೊನೆಯ ದಿನಾಂಕ: 25-04-2025, ಬೆಳಿಗ್ಗೆ 10.30 ಗಂಟೆಗೆ.
6) ತಾಂತ್ರಿಕ ಬಿಡ್ ತೆರೆಯುವ ದಿನಾಂಕ: 28-04-2025 ಬೆಳಿಗ್ಗೆ 10.30 ಗಂಟೆಗೆ.
7) ಆರ್ಥಿಕ ಬಿಡ್ ತೆರೆಯುವ ದಿನಾಂಕ: 29-04-2025 ಬೆಳಿಗ್ಗೆ 4.30 ಗಂಟೆಗೆ.
ಇ-ಮೇಲ್: dhogulbarga@gmail.com ದೂ:08472-278619
ಸಹಿ/- ಜಿಲ್ಲಾ ಆರೋಗ್ಯ ಮತ್ತು ಕುಟುಂಬ ಕಲ್ಯಾಣ ಅಧಿಕಾರಿಗಳು, ಕಲಬುರಗಿ.
